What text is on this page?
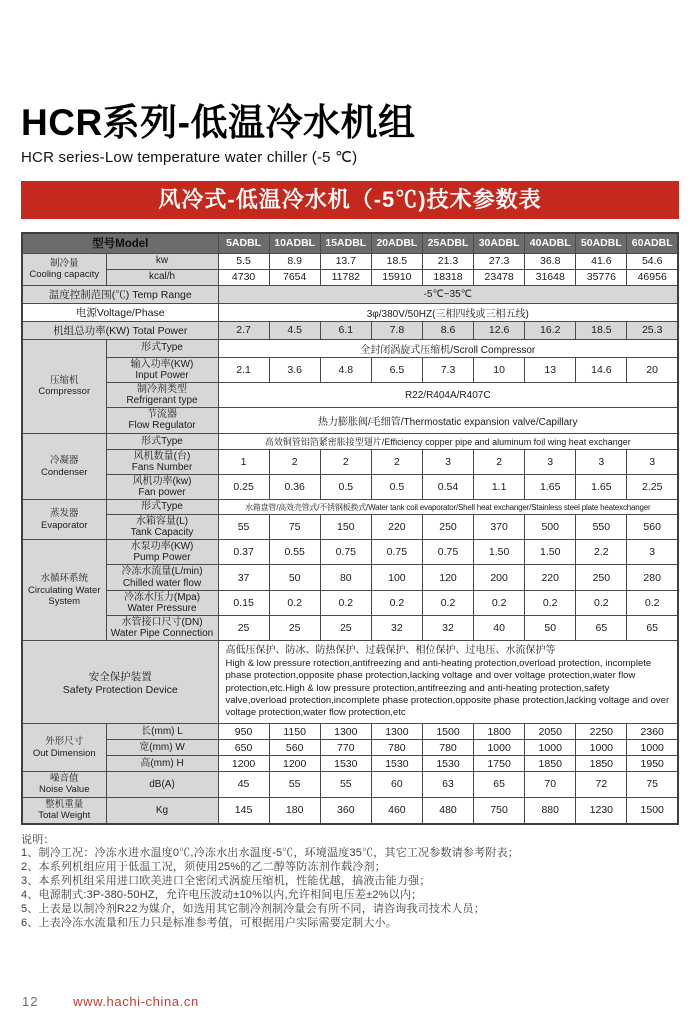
HCR系列-低温冷水机组
HCR series-Low temperature water chiller (-5 ℃)
风冷式-低温冷水机（-5℃)技术参数表
型号Model		5ADBL	10ADBL	15ADBL	20ADBL	25ADBL	30ADBL	40ADBL	50ADBL	60ADBL

制冷量
Cooling capacity	kw	5.5	8.9	13.7	18.5	21.3	27.3	36.8	41.6	54.6
	kcal/h	4730	7654	11782	15910	18318	23478	31648	35776	46956
温度控制范围(℃) Temp Range		-5℃~35℃								
电源Voltage/Phase		3φ/380V/50HZ(三相四线或三相五线)								
机组总功率(KW) Total Power		2.7	4.5	6.1	7.8	8.6	12.6	16.2	18.5	25.3

压缩机
Compressor	形式Type	全封闭涡旋式压缩机/Scroll Compressor								

	输入功率(KW)
Input Power	2.1	3.6	4.8	6.5	7.3	10	13	14.6	20

	制冷剂类型
Refrigerant type	R22/R404A/R407C								

	节流器
Flow Regulator	热力膨胀阀/毛细管/Thermostatic expansion valve/Capillary								

冷凝器
Condenser	形式Type	高效铜管铝箔紧密胀接型翅片/Efficiency copper pipe and aluminum foil wing heat exchanger								

	风机数量(台)
Fans Number	1	2	2	2	3	2	3	3	3

	风机功率(kw)
Fan power	0.25	0.36	0.5	0.5	0.54	1.1	1.65	1.65	2.25

蒸发器
Evaporator	形式Type	水箱盘管/高效壳管式/不锈钢板换式/Water tank coil evaporator/Shell heat exchanger/Stainless steel plate heatexchanger								

	水箱容量(L)
Tank Capacity	55	75	150	220	250	370	500	550	560

水循环系统
Circulating Water System

水泵功率(KW)
Pump Power	0.37	0.55	0.75	0.75	0.75	1.50	1.50	2.2	3

	冷冻水流量(L/min)
Chilled water flow	37	50	80	100	120	200	220	250	280

	冷冻水压力(Mpa)
Water Pressure	0.15	0.2	0.2	0.2	0.2	0.2	0.2	0.2	0.2

	水管接口尺寸(DN)
Water Pipe Connection	25	25	25	32	32	40	50	65	65

安全保护装置
Safety Protection Device

高低压保护、防冰、防热保护、过载保护、相位保护、过电压、水流保护等
High & low pressure rotection,antifreezing and anti-heating protection,overload protection, incomplete phase protection,opposite phase protection,lacking voltage and over voltage protection,water flow protection,etc.High & low pressure protection,antifreezing and anti-heating protection,safety valve,overload protection,incomplete phase protection,opposite phase protection,lacking voltage and over voltage protection,water flow protection,etc

外形尺寸
Out Dimension	长(mm) L	950	1150	1300	1300	1500	1800	2050	2250	2360
	宽(mm) W	650	560	770	780	780	1000	1000	1000	1000
	高(mm) H	1200	1200	1530	1530	1530	1750	1850	1850	1950

噪音值
Noise Value	dB(A)	45	55	55	60	63	65	70	72	75

整机重量
Total Weight	Kg	145	180	360	460	480	750	880	1230	1500
说明：
1、制冷工况：冷冻水进水温度0℃,冷冻水出水温度-5℃，环境温度35℃，其它工况参数请参考附表；
2、本系列机组应用于低温工况，须使用25%的乙二醇等防冻剂作载冷剂；
3、本系列机组采用进口欧美进口全密闭式涡旋压缩机，性能优越，搞液击能力强；
4、电源制式:3P-380-50HZ，允许电压波动±10%以内,允许相间电压差±2%以内；
5、上表是以制冷剂R22为媒介，如选用其它制冷剂制冷量会有所不同，请咨询我司技术人员；
6、上表冷冻水流量和压力只是标准参考值，可根据用户实际需要定制大小。
12	www.hachi-china.cn
